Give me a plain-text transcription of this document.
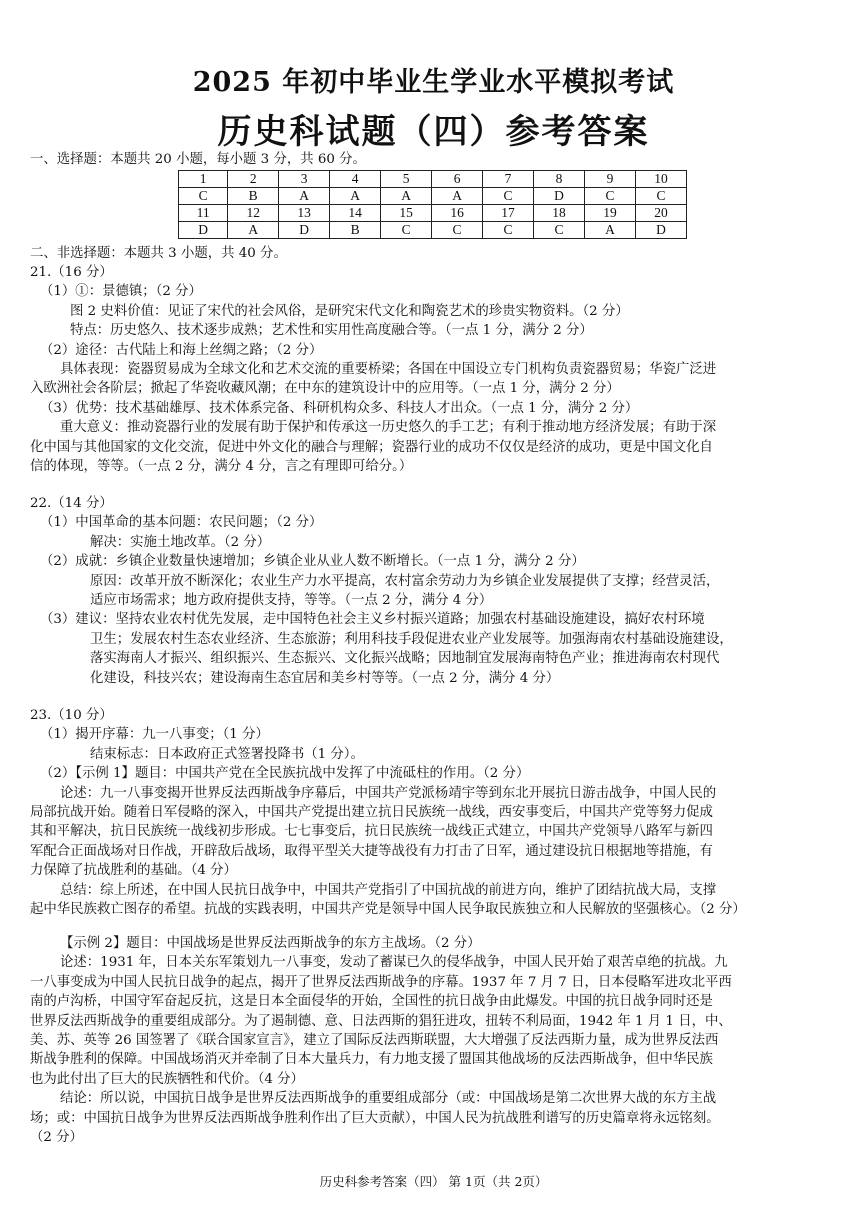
2025 年初中毕业生学业水平模拟考试
历史科试题（四）参考答案
一、选择题：本题共 20 小题，每小题 3 分，共 60 分。
1	2	3	4	5	6	7	8	9	10
C	B	A	A	A	A	C	D	C	C
11	12	13	14	15	16	17	18	19	20
D	A	D	B	C	C	C	C	A	D
二、非选择题：本题共 3 小题，共 40 分。
21.（16 分）
（1）①：景德镇；（2 分）
图 2 史料价值：见证了宋代的社会风俗，是研究宋代文化和陶瓷艺术的珍贵实物资料。（2 分）
特点：历史悠久、技术逐步成熟；艺术性和实用性高度融合等。（一点 1 分，满分 2 分）
（2）途径：古代陆上和海上丝绸之路；（2 分）
具体表现：瓷器贸易成为全球文化和艺术交流的重要桥梁；各国在中国设立专门机构负责瓷器贸易；华瓷广泛进
入欧洲社会各阶层；掀起了华瓷收藏风潮；在中东的建筑设计中的应用等。（一点 1 分，满分 2 分）
（3）优势：技术基础雄厚、技术体系完备、科研机构众多、科技人才出众。（一点 1 分，满分 2 分）
重大意义：推动瓷器行业的发展有助于保护和传承这一历史悠久的手工艺；有利于推动地方经济发展；有助于深
化中国与其他国家的文化交流，促进中外文化的融合与理解；瓷器行业的成功不仅仅是经济的成功，更是中国文化自
信的体现，等等。（一点 2 分，满分 4 分，言之有理即可给分。）
22.（14 分）
（1）中国革命的基本问题：农民问题；（2 分）
解决：实施土地改革。（2 分）
（2）成就：乡镇企业数量快速增加；乡镇企业从业人数不断增长。（一点 1 分，满分 2 分）
原因：改革开放不断深化；农业生产力水平提高，农村富余劳动力为乡镇企业发展提供了支撑；经营灵活，
适应市场需求；地方政府提供支持，等等。（一点 2 分，满分 4 分）
（3）建议：坚持农业农村优先发展，走中国特色社会主义乡村振兴道路；加强农村基础设施建设，搞好农村环境
卫生；发展农村生态农业经济、生态旅游；利用科技手段促进农业产业发展等。加强海南农村基础设施建设，
落实海南人才振兴、组织振兴、生态振兴、文化振兴战略；因地制宜发展海南特色产业；推进海南农村现代
化建设，科技兴农；建设海南生态宜居和美乡村等等。（一点 2 分，满分 4 分）
23.（10 分）
（1）揭开序幕：九一八事变；（1 分）
结束标志：日本政府正式签署投降书（1 分）。
（2）【示例 1】题目：中国共产党在全民族抗战中发挥了中流砥柱的作用。（2 分）
论述：九一八事变揭开世界反法西斯战争序幕后，中国共产党派杨靖宇等到东北开展抗日游击战争，中国人民的
局部抗战开始。随着日军侵略的深入，中国共产党提出建立抗日民族统一战线，西安事变后，中国共产党等努力促成
其和平解决，抗日民族统一战线初步形成。七七事变后，抗日民族统一战线正式建立，中国共产党领导八路军与新四
军配合正面战场对日作战，开辟敌后战场，取得平型关大捷等战役有力打击了日军，通过建设抗日根据地等措施，有
力保障了抗战胜利的基础。（4 分）
总结：综上所述，在中国人民抗日战争中，中国共产党指引了中国抗战的前进方向，维护了团结抗战大局，支撑
起中华民族救亡图存的希望。抗战的实践表明，中国共产党是领导中国人民争取民族独立和人民解放的坚强核心。（2 分）
【示例 2】题目：中国战场是世界反法西斯战争的东方主战场。（2 分）
论述：1931 年，日本关东军策划九一八事变，发动了蓄谋已久的侵华战争，中国人民开始了艰苦卓绝的抗战。九
一八事变成为中国人民抗日战争的起点，揭开了世界反法西斯战争的序幕。1937 年 7 月 7 日，日本侵略军进攻北平西
南的卢沟桥，中国守军奋起反抗，这是日本全面侵华的开始，全国性的抗日战争由此爆发。中国的抗日战争同时还是
世界反法西斯战争的重要组成部分。为了遏制德、意、日法西斯的猖狂进攻，扭转不利局面，1942 年 1 月 1 日，中、
美、苏、英等 26 国签署了《联合国家宣言》，建立了国际反法西斯联盟，大大增强了反法西斯力量，成为世界反法西
斯战争胜利的保障。中国战场消灭并牵制了日本大量兵力，有力地支援了盟国其他战场的反法西斯战争，但中华民族
也为此付出了巨大的民族牺牲和代价。（4 分）
结论：所以说，中国抗日战争是世界反法西斯战争的重要组成部分（或：中国战场是第二次世界大战的东方主战
场；或：中国抗日战争为世界反法西斯战争胜利作出了巨大贡献），中国人民为抗战胜利谱写的历史篇章将永远铭刻。
（2 分）
历史科参考答案（四） 第 1页（共 2页）
